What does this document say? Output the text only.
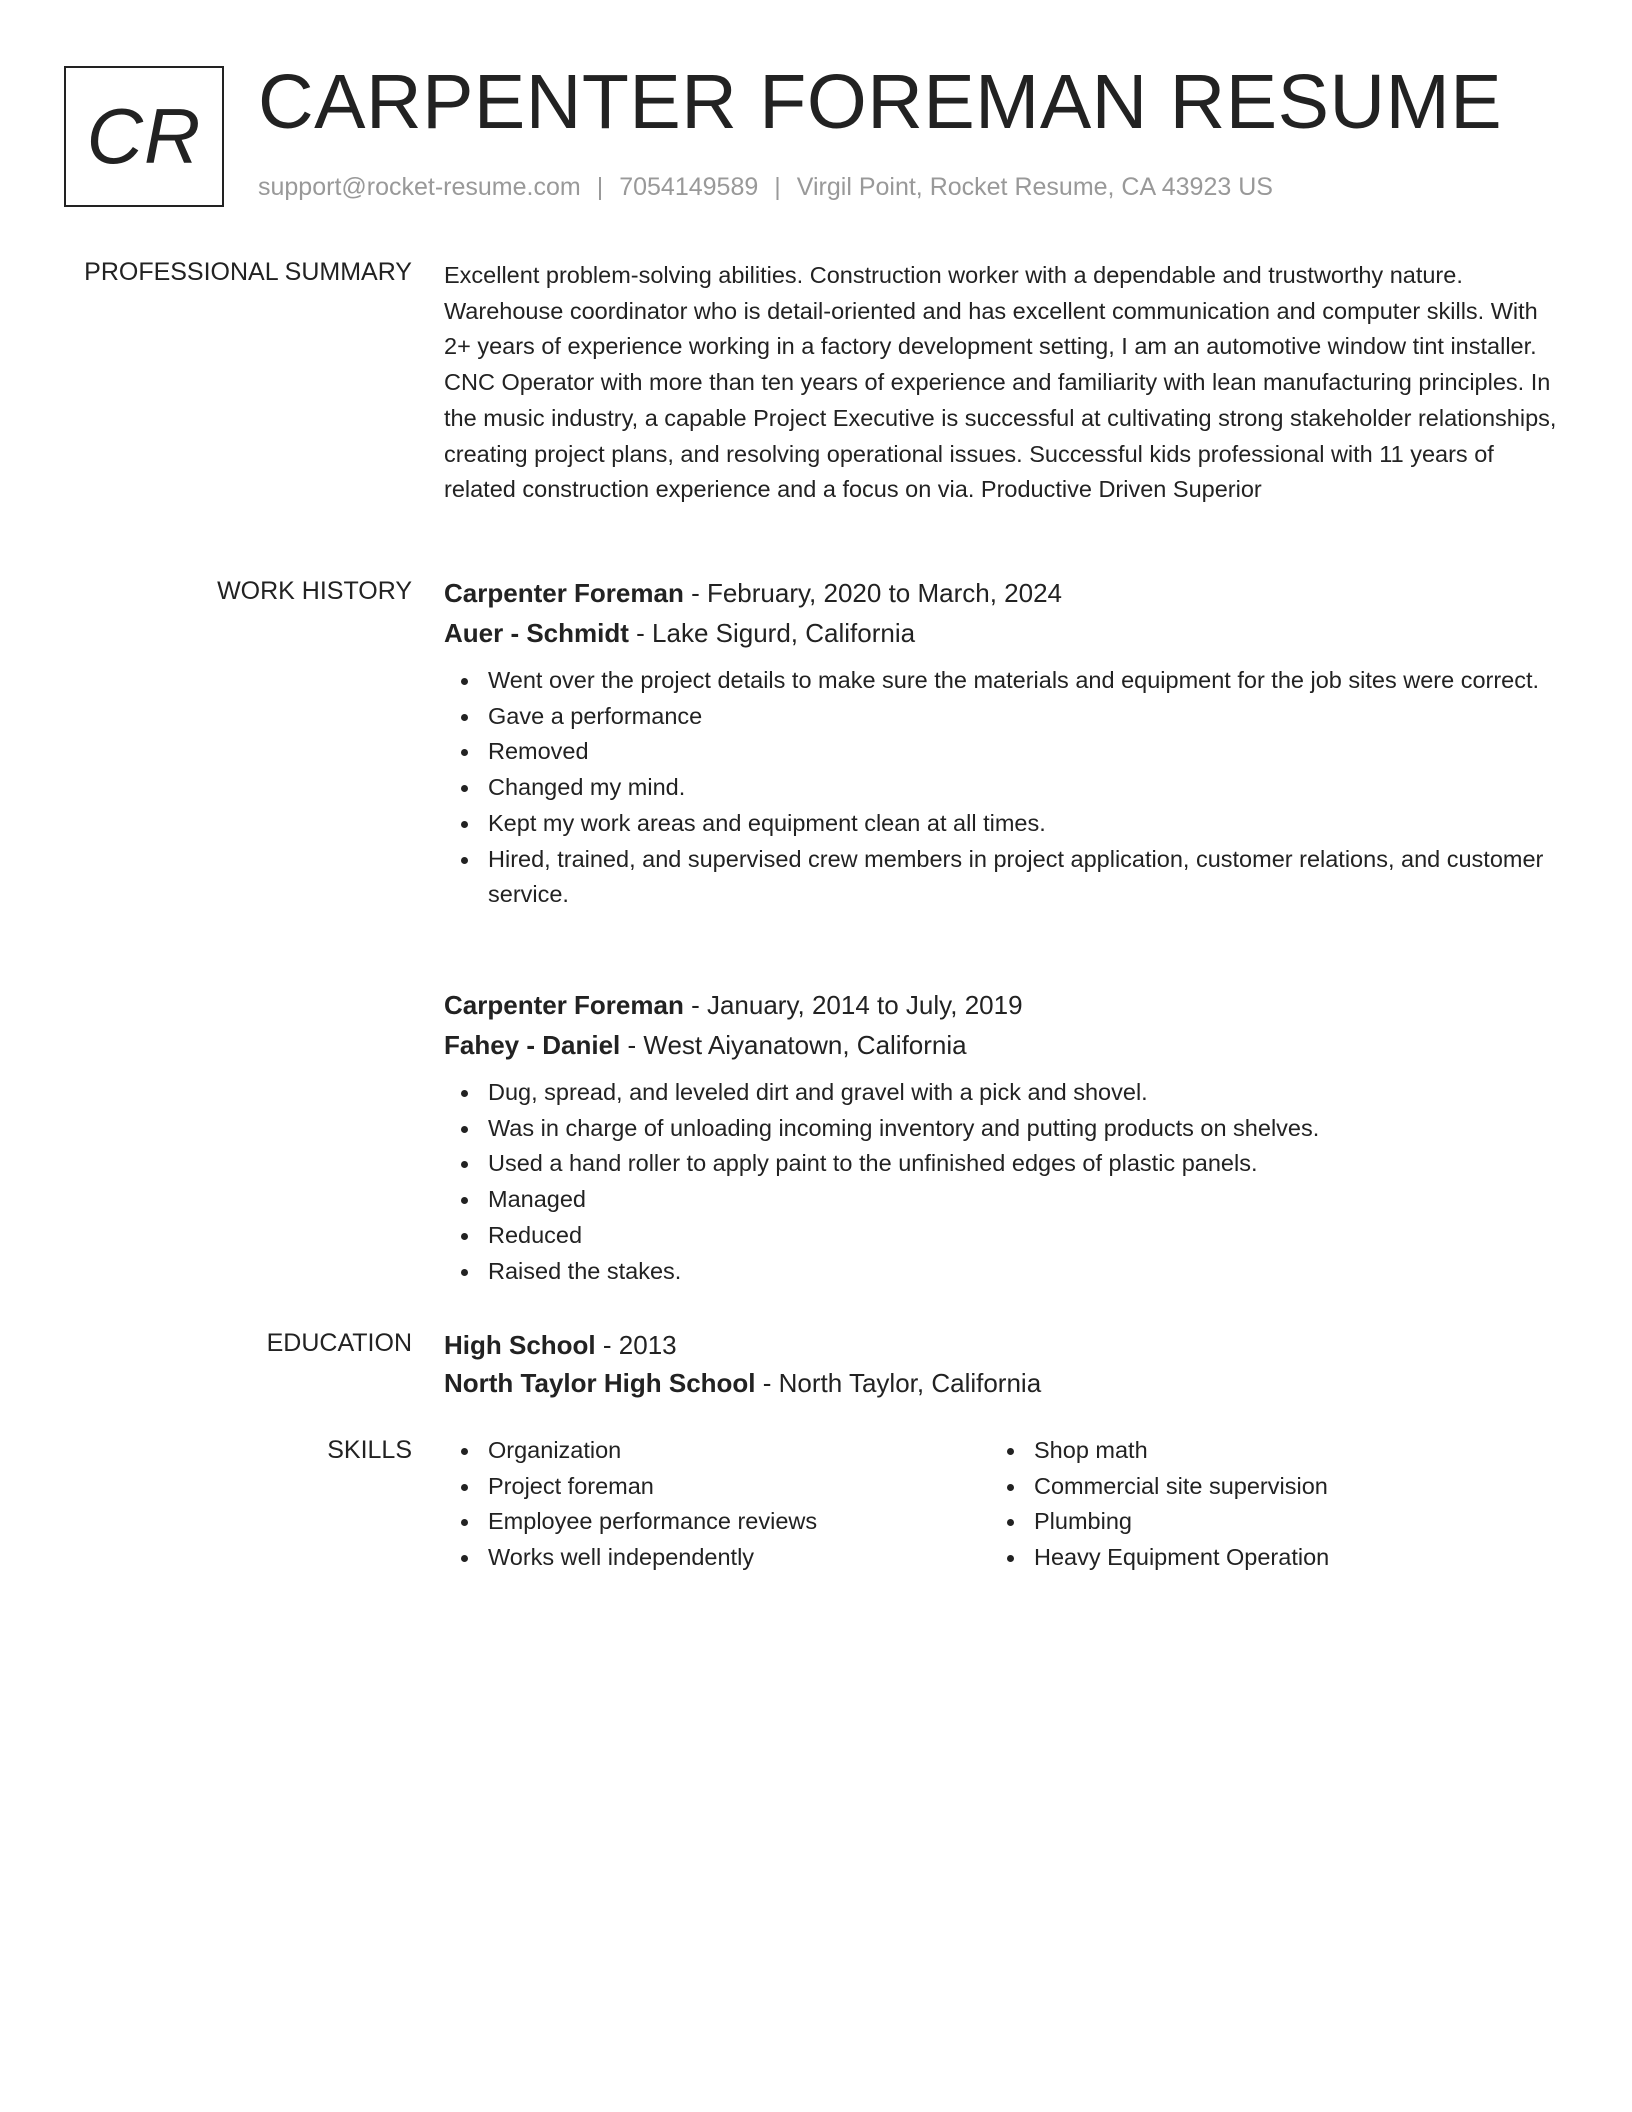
CR CARPENTER FOREMAN RESUME
support@rocket-resume.com | 7054149589 | Virgil Point, Rocket Resume, CA 43923 US
PROFESSIONAL SUMMARY Excellent problem-solving abilities. Construction worker with a dependable and trustworthy nature. Warehouse coordinator who is detail-oriented and has excellent communication and computer skills. With 2+ years of experience working in a factory development setting, I am an automotive window tint installer. CNC Operator with more than ten years of experience and familiarity with lean manufacturing principles. In the music industry, a capable Project Executive is successful at cultivating strong stakeholder relationships, creating project plans, and resolving operational issues. Successful kids professional with 11 years of related construction experience and a focus on via. Productive Driven Superior
WORK HISTORY Carpenter Foreman - February, 2020 to March, 2024
Auer - Schmidt - Lake Sigurd, California
Went over the project details to make sure the materials and equipment for the job sites were correct.
Gave a performance
Removed
Changed my mind.
Kept my work areas and equipment clean at all times.
Hired, trained, and supervised crew members in project application, customer relations, and customer service.
Carpenter Foreman - January, 2014 to July, 2019
Fahey - Daniel - West Aiyanatown, California
Dug, spread, and leveled dirt and gravel with a pick and shovel.
Was in charge of unloading incoming inventory and putting products on shelves.
Used a hand roller to apply paint to the unfinished edges of plastic panels.
Managed
Reduced
Raised the stakes.
EDUCATION High School - 2013
North Taylor High School - North Taylor, California
SKILLS	Organization
Project foreman
Employee performance reviews
Works well independently
Shop math
Commercial site supervision
Plumbing
Heavy Equipment Operation
